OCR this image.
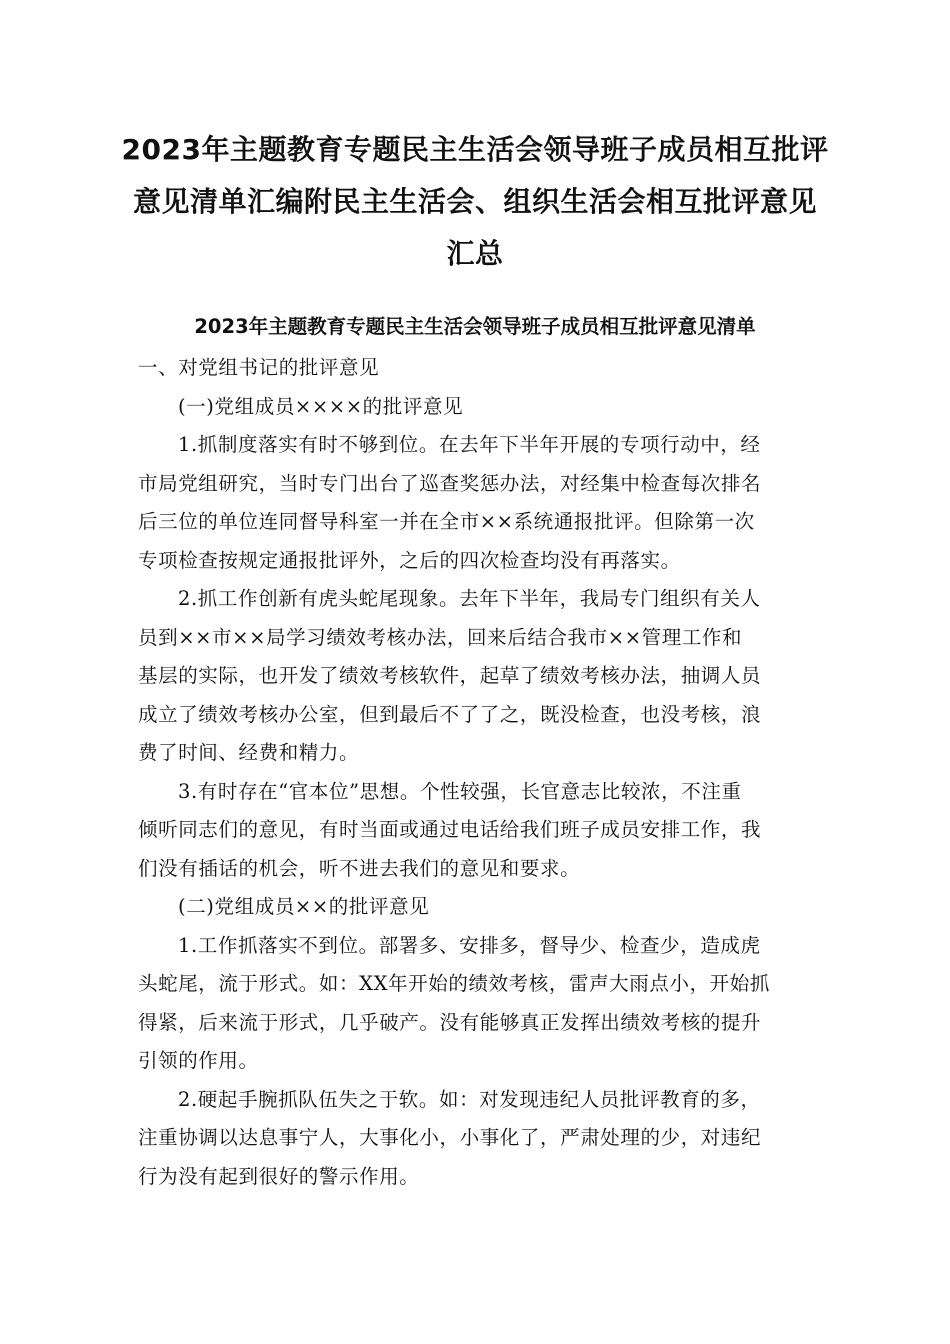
2023年主题教育专题民主生活会领导班子成员相互批评
意见清单汇编附民主生活会、组织生活会相互批评意见
汇总
2023年主题教育专题民主生活会领导班子成员相互批评意见清单
一、对党组书记的批评意见
(一)党组成员××××的批评意见
1.抓制度落实有时不够到位。在去年下半年开展的专项行动中，经
市局党组研究，当时专门出台了巡查奖惩办法，对经集中检查每次排名
后三位的单位连同督导科室一并在全市××系统通报批评。但除第一次
专项检查按规定通报批评外，之后的四次检查均没有再落实。
2.抓工作创新有虎头蛇尾现象。去年下半年，我局专门组织有关人
员到××市××局学习绩效考核办法，回来后结合我市××管理工作和
基层的实际，也开发了绩效考核软件，起草了绩效考核办法，抽调人员
成立了绩效考核办公室，但到最后不了了之，既没检查，也没考核，浪
费了时间、经费和精力。
3.有时存在“官本位”思想。个性较强，长官意志比较浓，不注重
倾听同志们的意见，有时当面或通过电话给我们班子成员安排工作，我
们没有插话的机会，听不进去我们的意见和要求。
(二)党组成员××的批评意见
1.工作抓落实不到位。部署多、安排多，督导少、检查少，造成虎
头蛇尾，流于形式。如：XX年开始的绩效考核，雷声大雨点小，开始抓
得紧，后来流于形式，几乎破产。没有能够真正发挥出绩效考核的提升
引领的作用。
2.硬起手腕抓队伍失之于软。如：对发现违纪人员批评教育的多，
注重协调以达息事宁人，大事化小，小事化了，严肃处理的少，对违纪
行为没有起到很好的警示作用。
